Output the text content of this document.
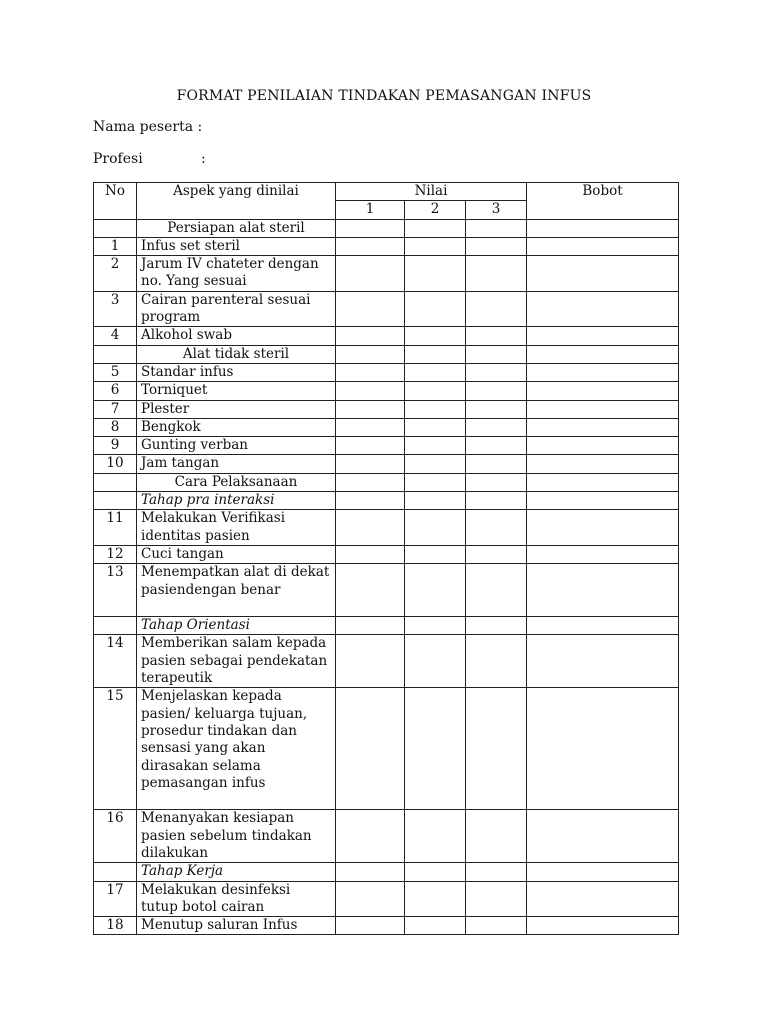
FORMAT PENILAIAN TINDAKAN PEMASANGAN INFUS
Nama peserta :
Profesi	:
No	Aspek yang dinilai	Nilai			Bobot
		1	2	3	
	Persiapan alat steril				
1	Infus set steril				
2	Jarum IV chateter dengan no. Yang sesuai				
3	Cairan parenteral sesuai program				
4	Alkohol swab				
	Alat tidak steril				
5	Standar infus				
6	Torniquet				
7	Plester				
8	Bengkok				
9	Gunting verban				
10	Jam tangan				
	Cara Pelaksanaan				
	Tahap pra interaksi				
11	Melakukan Verifikasi identitas pasien				
12	Cuci tangan				
13	Menempatkan alat di dekat pasiendengan benar				
	Tahap Orientasi				
14	Memberikan salam kepada pasien sebagai pendekatan terapeutik				
15	Menjelaskan kepada pasien/ keluarga tujuan, prosedur tindakan dan sensasi yang akan dirasakan selama pemasangan infus				
16	Menanyakan kesiapan pasien sebelum tindakan dilakukan				
	Tahap Kerja				
17	Melakukan desinfeksi tutup botol cairan				
18	Menutup saluran Infus				
